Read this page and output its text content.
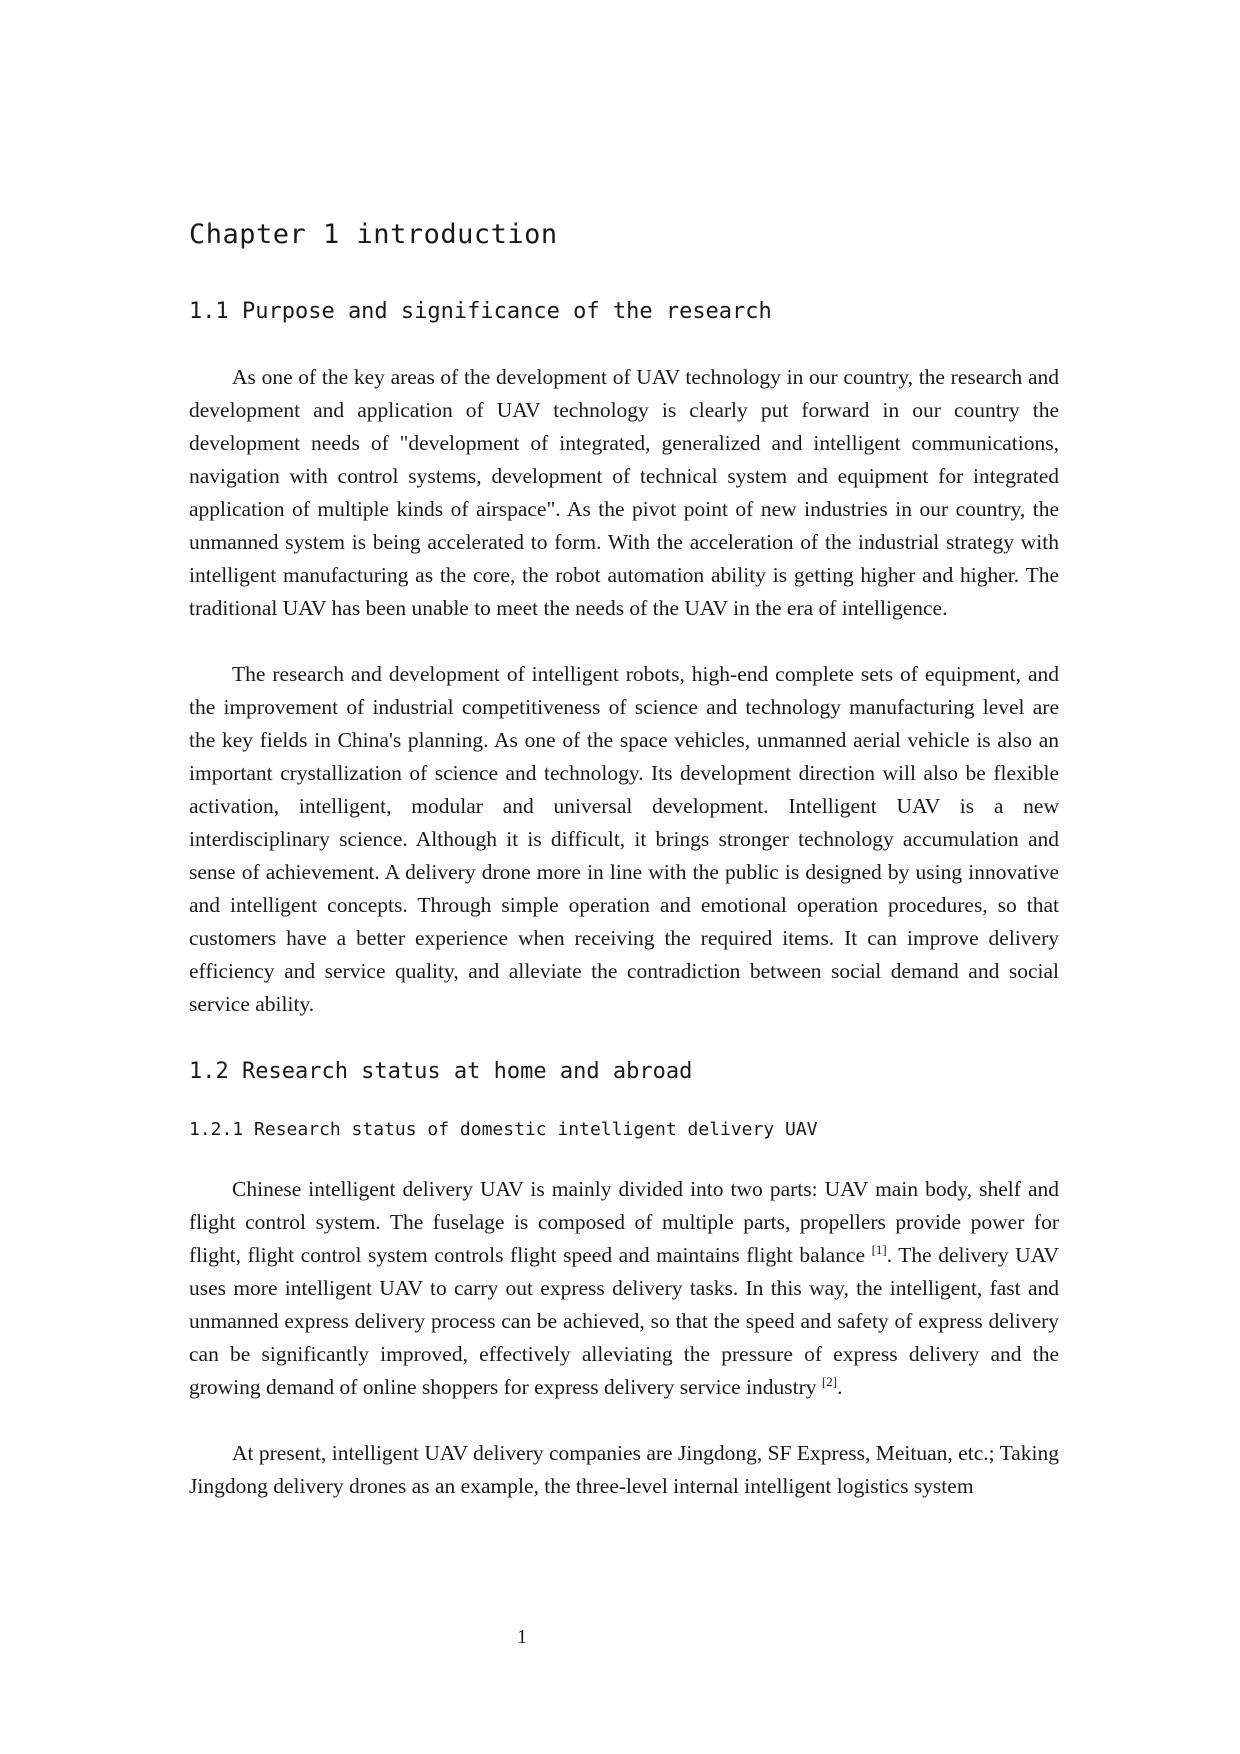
Chapter 1 introduction
1.1 Purpose and significance of the research

As one of the key areas of the development of UAV technology in our country, the research and development and application of UAV technology is clearly put forward in our country the development needs of "development of integrated, generalized and intelligent communications, navigation with control systems, development of technical system and equipment for integrated application of multiple kinds of airspace". As the pivot point of new industries in our country, the unmanned system is being accelerated to form. With the acceleration of the industrial strategy with intelligent manufacturing as the core, the robot automation ability is getting higher and higher. The traditional UAV has been unable to meet the needs of the UAV in the era of intelligence.

The research and development of intelligent robots, high-end complete sets of equipment, and the improvement of industrial competitiveness of science and technology manufacturing level are the key fields in China's planning. As one of the space vehicles, unmanned aerial vehicle is also an important crystallization of science and technology. Its development direction will also be flexible activation, intelligent, modular and universal development. Intelligent UAV is a new interdisciplinary science. Although it is difficult, it brings stronger technology accumulation and sense of achievement. A delivery drone more in line with the public is designed by using innovative and intelligent concepts. Through simple operation and emotional operation procedures, so that customers have a better experience when receiving the required items. It can improve delivery efficiency and service quality, and alleviate the contradiction between social demand and social service ability.

1.2 Research status at home and abroad
1.2.1 Research status of domestic intelligent delivery UAV

Chinese intelligent delivery UAV is mainly divided into two parts: UAV main body, shelf and flight control system. The fuselage is composed of multiple parts, propellers provide power for flight, flight control system controls flight speed and maintains flight balance [1]. The delivery UAV uses more intelligent UAV to carry out express delivery tasks. In this way, the intelligent, fast and unmanned express delivery process can be achieved, so that the speed and safety of express delivery can be significantly improved, effectively alleviating the pressure of express delivery and the growing demand of online shoppers for express delivery service industry [2].

At present, intelligent UAV delivery companies are Jingdong, SF Express, Meituan, etc.; Taking Jingdong delivery drones as an example, the three-level internal intelligent logistics system

1
